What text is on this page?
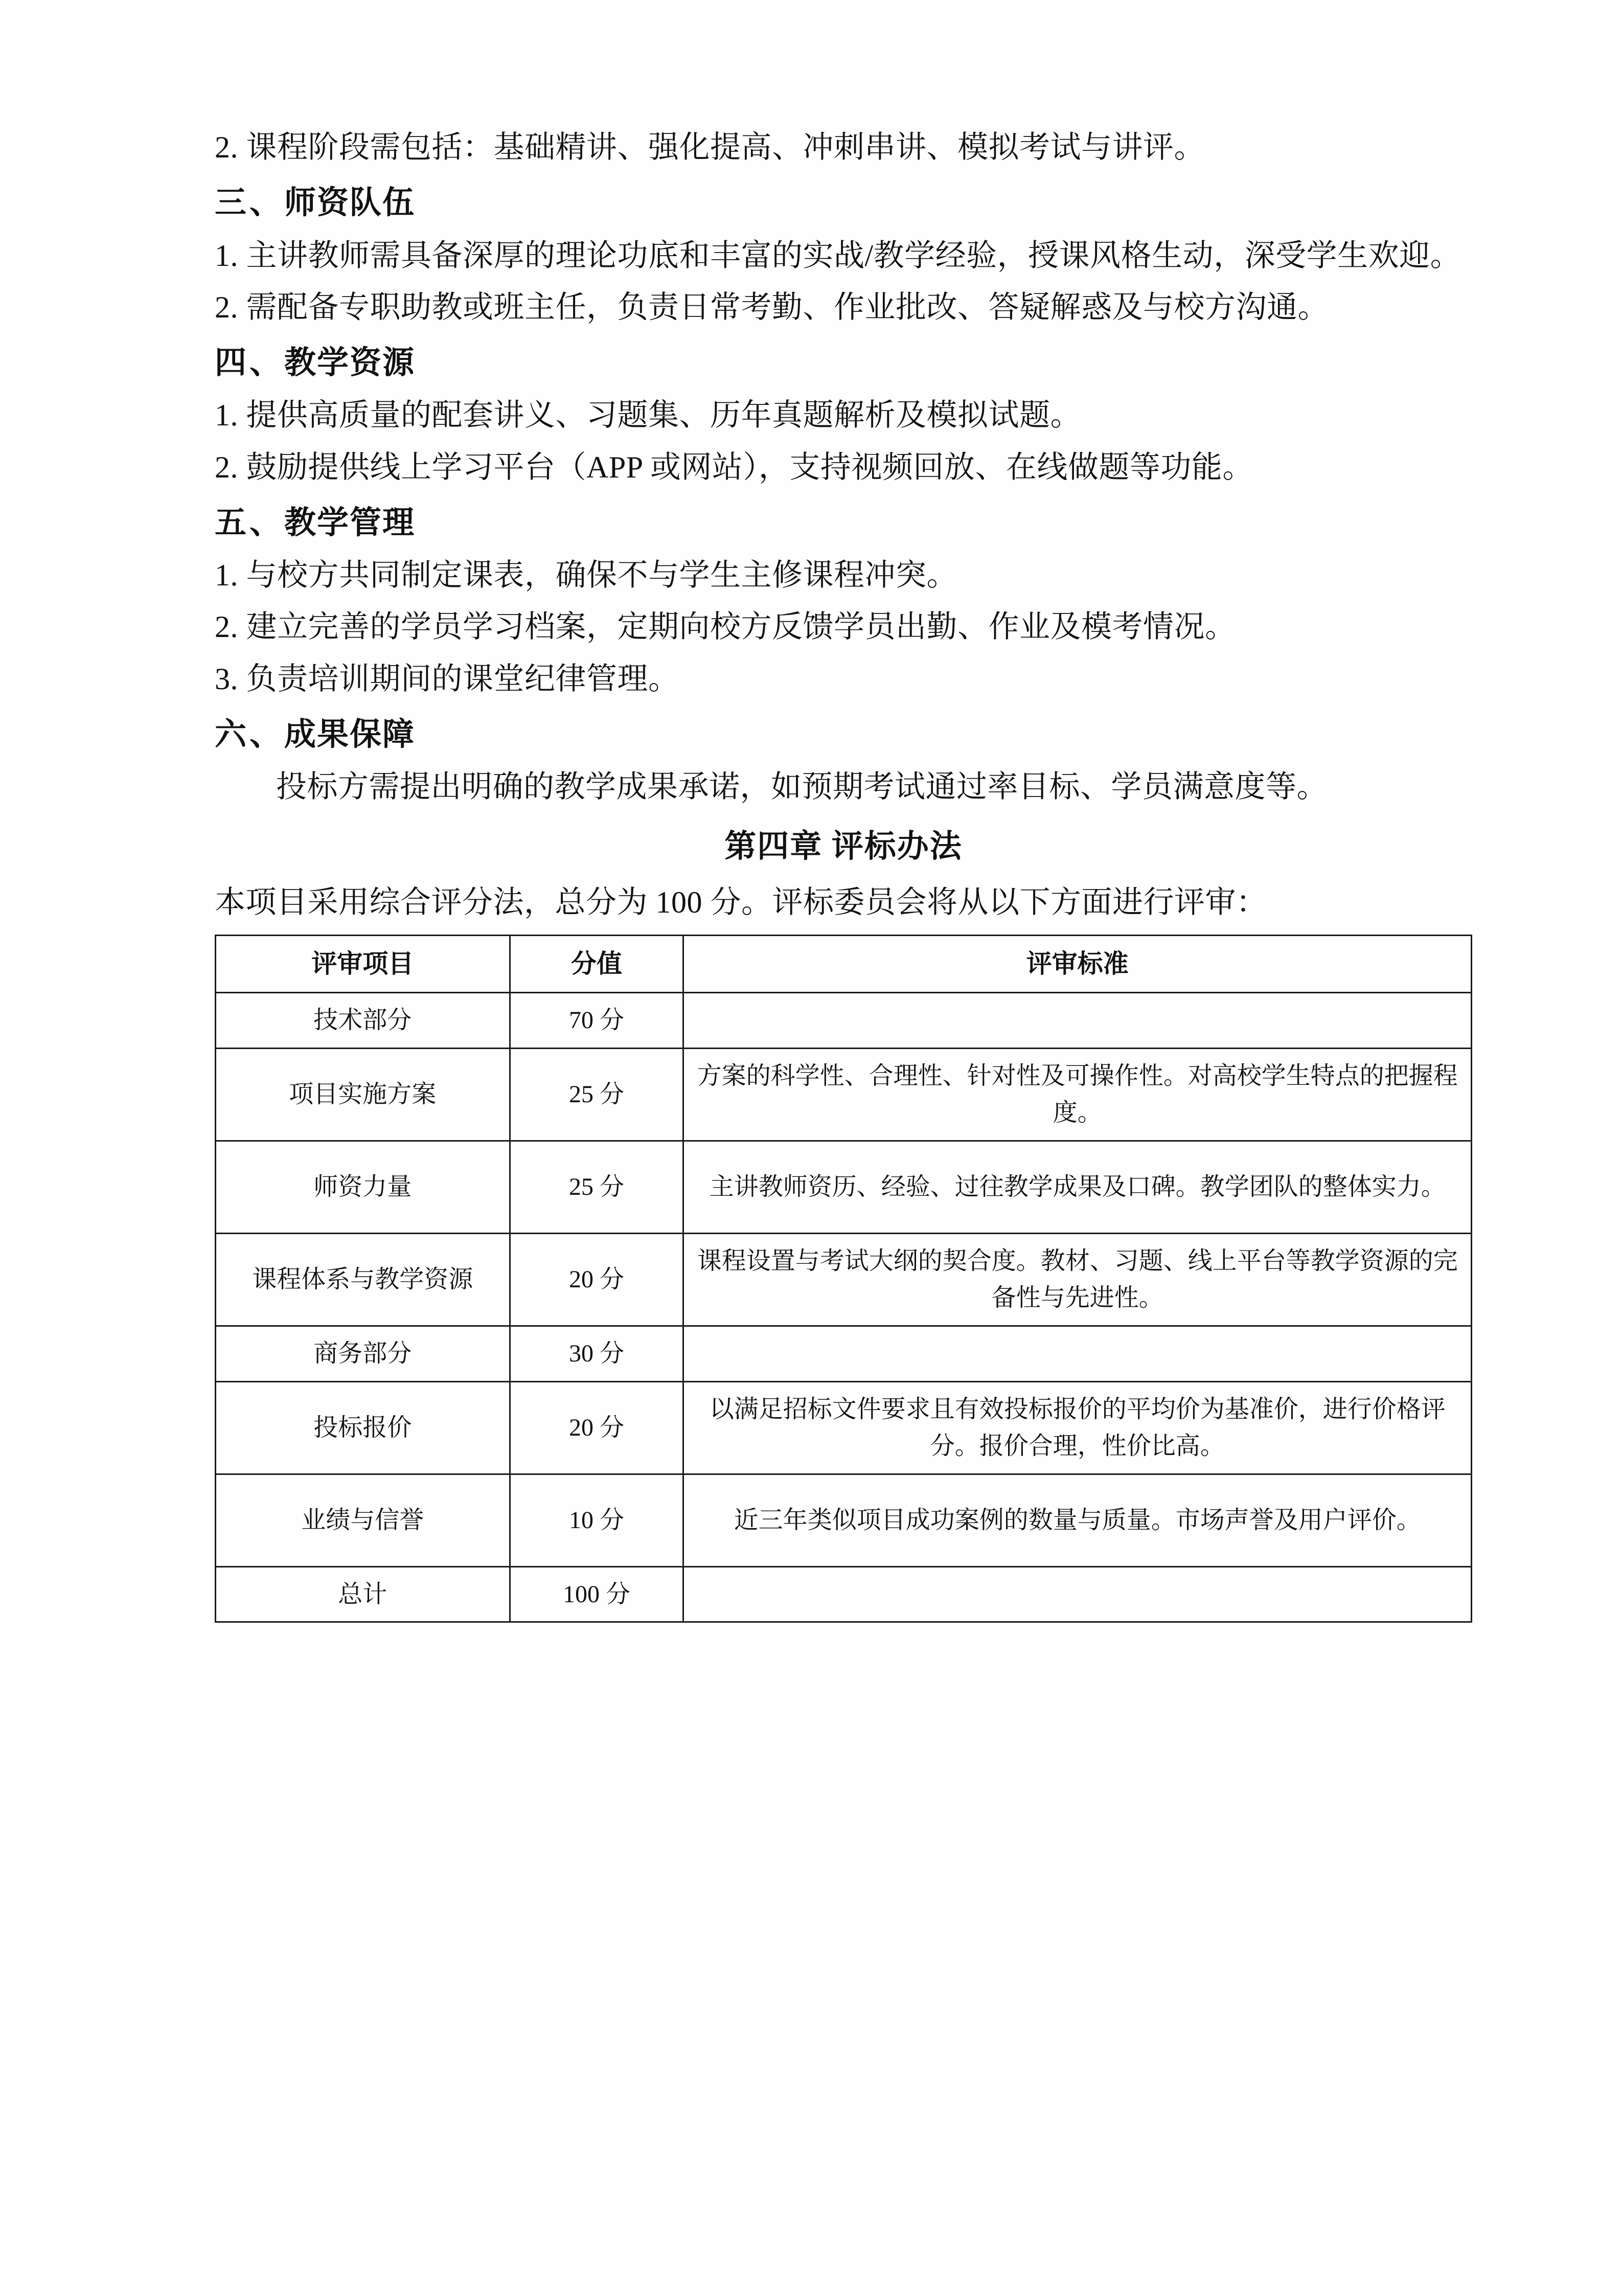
2. 课程阶段需包括：基础精讲、强化提高、冲刺串讲、模拟考试与讲评。

三、师资队伍

1. 主讲教师需具备深厚的理论功底和丰富的实战/教学经验，授课风格生动，深受学生欢迎。

2. 需配备专职助教或班主任，负责日常考勤、作业批改、答疑解惑及与校方沟通。

四、教学资源

1. 提供高质量的配套讲义、习题集、历年真题解析及模拟试题。

2. 鼓励提供线上学习平台（APP 或网站），支持视频回放、在线做题等功能。

五、教学管理

1. 与校方共同制定课表，确保不与学生主修课程冲突。

2. 建立完善的学员学习档案，定期向校方反馈学员出勤、作业及模考情况。

3. 负责培训期间的课堂纪律管理。

六、成果保障

投标方需提出明确的教学成果承诺，如预期考试通过率目标、学员满意度等。

第四章 评标办法

本项目采用综合评分法，总分为 100 分。评标委员会将从以下方面进行评审：

评审项目	分值	评审标准
技术部分	70 分	
项目实施方案	25 分	方案的科学性、合理性、针对性及可操作性。对高校学生特点的把握程度。
师资力量	25 分	主讲教师资历、经验、过往教学成果及口碑。教学团队的整体实力。
课程体系与教学资源	20 分	课程设置与考试大纲的契合度。教材、习题、线上平台等教学资源的完备性与先进性。
商务部分	30 分	
投标报价	20 分	以满足招标文件要求且有效投标报价的平均价为基准价，进行价格评分。报价合理，性价比高。
业绩与信誉	10 分	近三年类似项目成功案例的数量与质量。市场声誉及用户评价。
总计	100 分	
